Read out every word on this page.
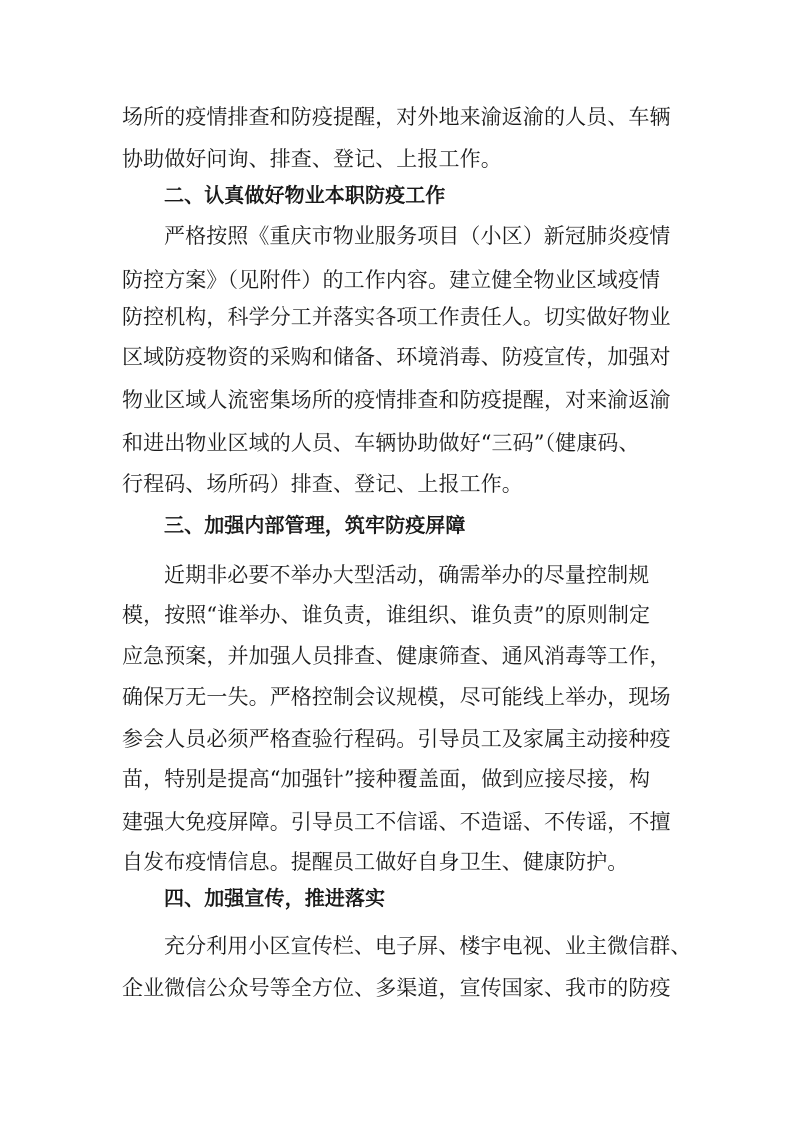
场所的疫情排查和防疫提醒，对外地来渝返渝的人员、车辆
协助做好问询、排查、登记、上报工作。
二、认真做好物业本职防疫工作
严格按照《重庆市物业服务项目（小区）新冠肺炎疫情
防控方案》（见附件）的工作内容。建立健全物业区域疫情
防控机构，科学分工并落实各项工作责任人。切实做好物业
区域防疫物资的采购和储备、环境消毒、防疫宣传，加强对
物业区域人流密集场所的疫情排查和防疫提醒，对来渝返渝
和进出物业区域的人员、车辆协助做好“三码”（健康码、
行程码、场所码）排查、登记、上报工作。
三、加强内部管理，筑牢防疫屏障
近期非必要不举办大型活动，确需举办的尽量控制规
模，按照“谁举办、谁负责，谁组织、谁负责”的原则制定
应急预案，并加强人员排查、健康筛查、通风消毒等工作，
确保万无一失。严格控制会议规模，尽可能线上举办，现场
参会人员必须严格查验行程码。引导员工及家属主动接种疫
苗，特别是提高“加强针”接种覆盖面，做到应接尽接，构
建强大免疫屏障。引导员工不信谣、不造谣、不传谣，不擅
自发布疫情信息。提醒员工做好自身卫生、健康防护。
四、加强宣传，推进落实
充分利用小区宣传栏、电子屏、楼宇电视、业主微信群、
企业微信公众号等全方位、多渠道，宣传国家、我市的防疫
